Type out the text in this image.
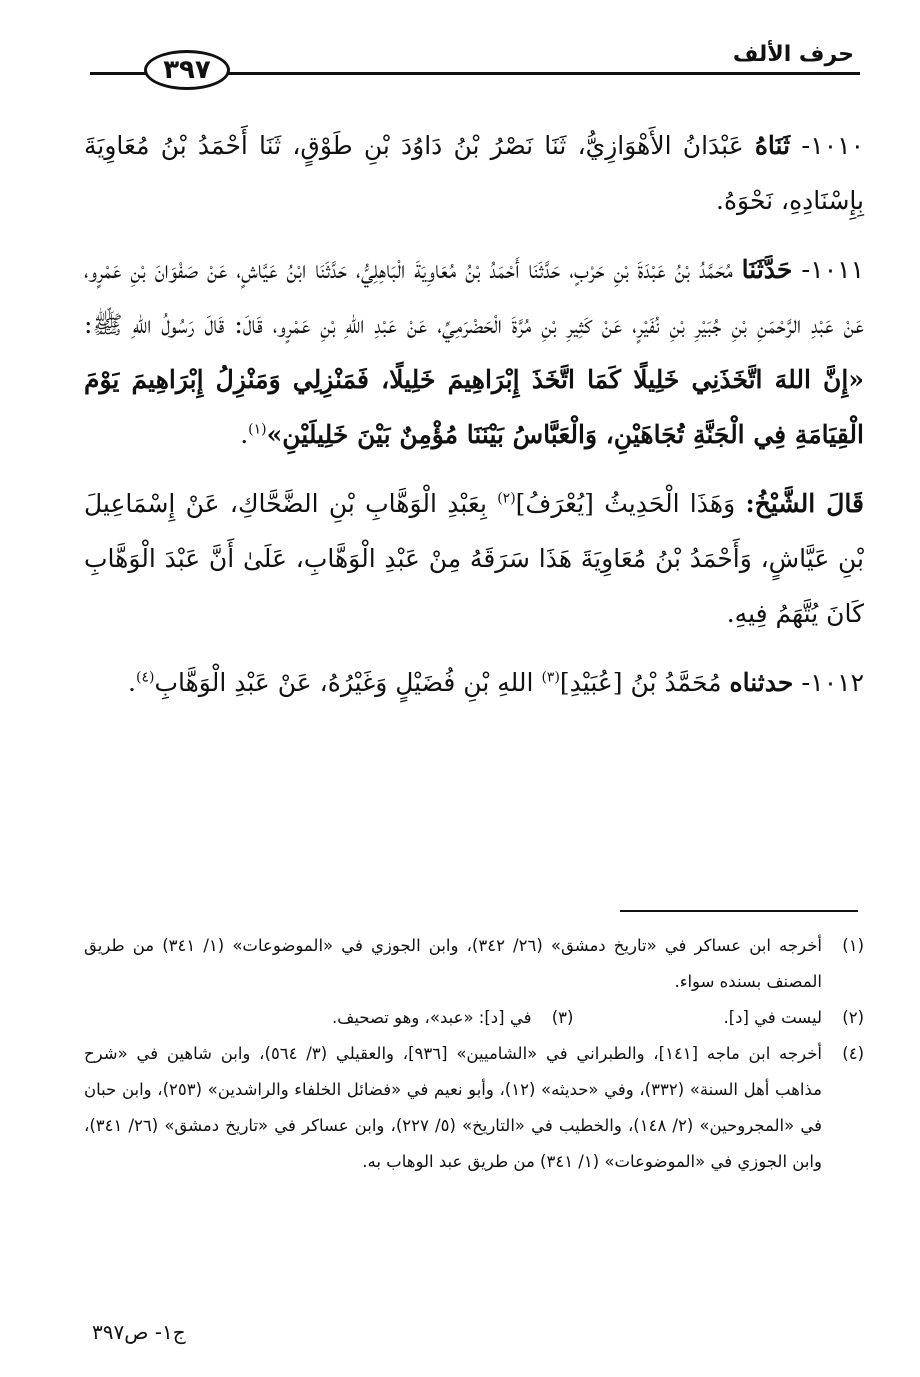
حرف الألف
٣٩٧

١٠١٠- ثَنَاهُ عَبْدَانُ الأَهْوَازِيُّ، ثَنَا نَصْرُ بْنُ دَاوُدَ بْنِ طَوْقٍ، ثَنَا أَحْمَدُ بْنُ مُعَاوِيَةَ بِإِسْنَادِهِ، نَحْوَهُ.

١٠١١- حَدَّثَنَا مُحَمَّدُ بْنُ عَبْدَةَ بْنِ حَرْبٍ، حَدَّثَنَا أَحْمَدُ بْنُ مُعَاوِيَةَ الْبَاهِلِيُّ، حَدَّثَنَا ابْنُ عَيَّاشٍ، عَنْ صَفْوَانَ بْنِ عَمْرٍو، عَنْ عَبْدِ الرَّحْمَنِ بْنِ جُبَيْرِ بْنِ نُفَيْرٍ، عَنْ كَثِيرِ بْنِ مُرَّةَ الْحَضْرَمِيِّ، عَنْ عَبْدِ اللهِ بْنِ عَمْرٍو، قَالَ: قَالَ رَسُولُ اللهِ ﷺ: «إِنَّ اللهَ اتَّخَذَنِي خَلِيلًا كَمَا اتَّخَذَ إِبْرَاهِيمَ خَلِيلًا، فَمَنْزِلِي وَمَنْزِلُ إِبْرَاهِيمَ يَوْمَ الْقِيَامَةِ فِي الْجَنَّةِ تُجَاهَيْنِ، وَالْعَبَّاسُ بَيْنَنَا مُؤْمِنٌ بَيْنَ خَلِيلَيْنِ»$^{(١)}$.

قَالَ الشَّيْخُ: وَهَذَا الْحَدِيثُ [يُعْرَفُ]$^{(٢)}$ بِعَبْدِ الْوَهَّابِ بْنِ الضَّحَّاكِ، عَنْ إِسْمَاعِيلَ بْنِ عَيَّاشٍ، وَأَحْمَدُ بْنُ مُعَاوِيَةَ هَذَا سَرَقَهُ مِنْ عَبْدِ الْوَهَّابِ، عَلَىٰ أَنَّ عَبْدَ الْوَهَّابِ كَانَ يُتَّهَمُ فِيهِ.

١٠١٢- حدثناه مُحَمَّدُ بْنُ [عُبَيْدِ]$^{(٣)}$ اللهِ بْنِ فُضَيْلٍ وَغَيْرُهُ، عَنْ عَبْدِ الْوَهَّابِ$^{(٤)}$.

(١)
أخرجه ابن عساكر في «تاريخ دمشق» (٢٦/ ٣٤٢)، وابن الجوزي في «الموضوعات» (١/ ٣٤١) من طريق المصنف بسنده سواء.
(٢)
ليست في [د].
(٣)
في [د]: «عبد»، وهو تصحيف.
(٤)
أخرجه ابن ماجه [١٤١]، والطبراني في «الشاميين» [٩٣٦]، والعقيلي (٣/ ٥٦٤)، وابن شاهين في «شرح مذاهب أهل السنة» (٣٣٢)، وفي «حديثه» (١٢)، وأبو نعيم في «فضائل الخلفاء والراشدين» (٢٥٣)، وابن حبان في «المجروحين» (٢/ ١٤٨)، والخطيب في «التاريخ» (٥/ ٢٢٧)، وابن عساكر في «تاريخ دمشق» (٢٦/ ٣٤١)، وابن الجوزي في «الموضوعات» (١/ ٣٤١) من طريق عبد الوهاب به.
ج١- ص٣٩٧
